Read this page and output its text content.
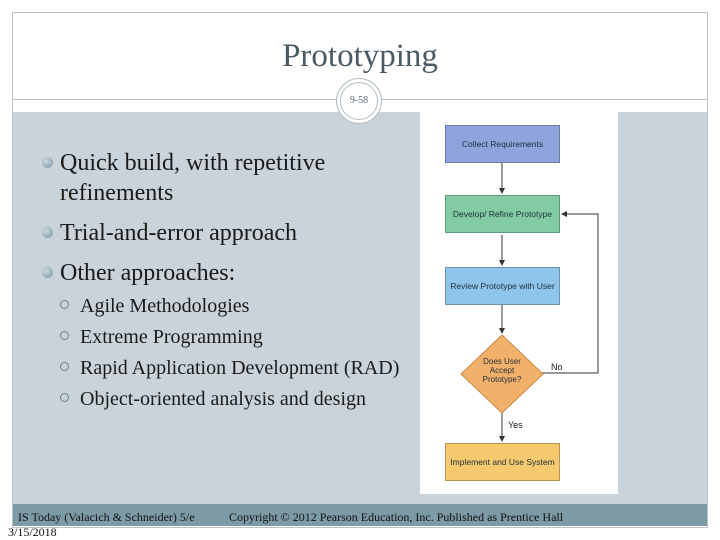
Prototyping
9-58
Quick build, with repetitive refinements
Trial-and-error approach
Other approaches:
Agile Methodologies
Extreme Programming
Rapid Application Development (RAD)
Object-oriented analysis and design
Collect Requirements
Develop/ Refine Prototype
Review Prototype with User
Does User Accept Prototype?
No
Yes
Implement and Use System
IS Today (Valacich & Schneider) 5/e
3/15/2018
Copyright © 2012 Pearson Education, Inc. Published as Prentice Hall
